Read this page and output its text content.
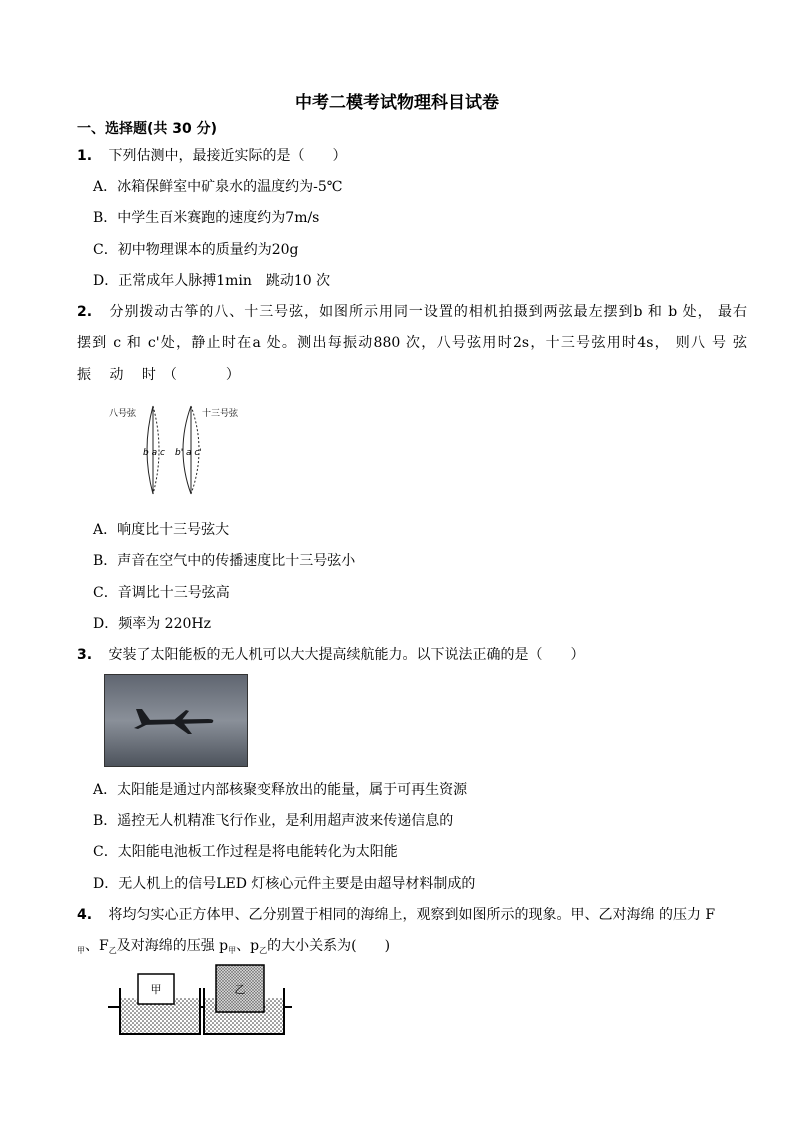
中考二模考试物理科目试卷
一、选择题(共 30 分)
1. 下列估测中，最接近实际的是（　　）
A．冰箱保鲜室中矿泉水的温度约为-5℃
B．中学生百米赛跑的速度约为7m/s
C．初中物理课本的质量约为20g
D．正常成年人脉搏1min　跳动10 次
2. 分别拨动古筝的八、十三号弦，如图所示用同一设置的相机拍摄到两弦最左摆到b 和 b 处， 最右
摆到 c 和 c'处，静止时在a 处。测出每振动880 次，八号弦用时2s，十三号弦用时4s， 则八 号 弦
振 动 时（　　）
八号弦	十三号弦
b a c b' a c'
A．响度比十三号弦大
B．声音在空气中的传播速度比十三号弦小
C．音调比十三号弦高
D．频率为 220Hz
3. 安装了太阳能板的无人机可以大大提高续航能力。以下说法正确的是（　　）
A．太阳能是通过内部核聚变释放出的能量，属于可再生资源
B．遥控无人机精准飞行作业，是利用超声波来传递信息的
C．太阳能电池板工作过程是将电能转化为太阳能
D．无人机上的信号LED 灯核心元件主要是由超导材料制成的
4. 将均匀实心正方体甲、乙分别置于相同的海绵上，观察到如图所示的现象。甲、乙对海绵 的压力 F
$_甲$、$F_乙$及对海绵的压强 $p_甲$、$p_乙$的大小关系为(　　)
甲	乙
